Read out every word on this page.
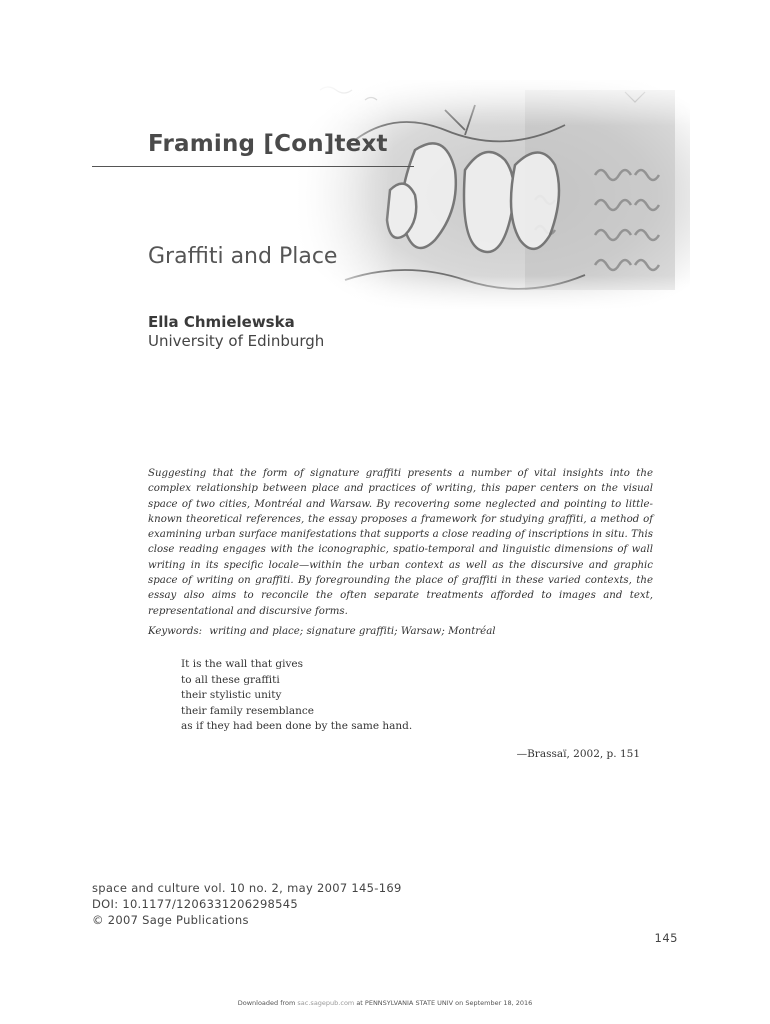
Framing [Con]text
Graffiti and Place
Ella Chmielewska
University of Edinburgh

Suggesting that the form of signature graffiti presents a number of vital insights into the complex relationship between place and practices of writing, this paper centers on the visual space of two cities, Montréal and Warsaw. By recovering some neglected and pointing to little-known theoretical references, the essay proposes a framework for studying graffiti, a method of examining urban surface manifestations that supports a close reading of inscriptions in situ. This close reading engages with the iconographic, spatio-temporal and linguistic dimensions of wall writing in its specific locale—within the urban context as well as the discursive and graphic space of writing on graffiti. By foregrounding the place of graffiti in these varied contexts, the essay also aims to reconcile the often separate treatments afforded to images and text, representational and discursive forms.

Keywords: writing and place; signature graffiti; Warsaw; Montréal
It is the wall that gives
to all these graffiti
their stylistic unity
their family resemblance
as if they had been done by the same hand.
—Brassaï, 2002, p. 151
space and culture vol. 10 no. 2, may 2007 145-169
DOI: 10.1177/1206331206298545
© 2007 Sage Publications
145
Downloaded from sac.sagepub.com at PENNSYLVANIA STATE UNIV on September 18, 2016
